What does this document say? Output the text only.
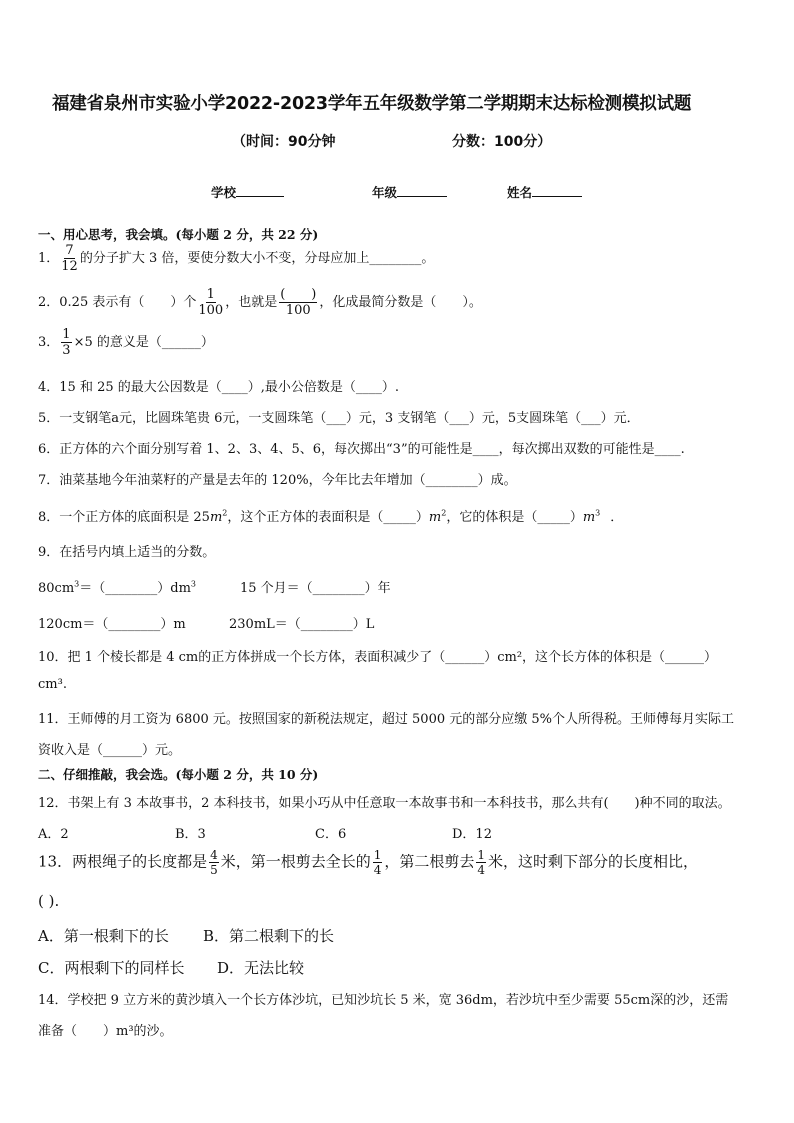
福建省泉州市实验小学2022-2023学年五年级数学第二学期期末达标检测模拟试题
（时间：90分钟	分数：100分）
学校	年级	姓名
一、用心思考，我会填。(每小题 2 分，共 22 分)
1． $\frac{7}{12}$ 的分子扩大 3 倍，要使分数大小不变，分母应加上________。
2．0.25 表示有（　　）个 $\frac{1}{100}$ ，也就是 $\frac{( )}{100}$ ，化成最简分数是（　　）。
3． $\frac{1}{3} \times 5$ 的意义是（______）
4．15 和 25 的最大公因数是（____）,最小公倍数是（____）.
5．一支钢笔a元，比圆珠笔贵 6元，一支圆珠笔（___）元，3 支钢笔（___）元，5支圆珠笔（___）元．
6．正方体的六个面分别写着 1、2、3、4、5、6，每次掷出“3”的可能性是____，每次掷出双数的可能性是____.
7．油菜基地今年油菜籽的产量是去年的 120%，今年比去年增加（________）成。
8．一个正方体的底面积是 $25m^2$，这个正方体的表面积是$(\_\_\_\_\_)m^2$，它的体积是$(\_\_\_\_\_)m^3$ ．
9．在括号内填上适当的分数。
$80cm^3=(\_\_\_\_\_\_\_\_)dm^3$	15 个月＝（________）年
120cm＝（________）m	230mL＝（________）L
10．把 1 个棱长都是 4 cm的正方体拼成一个长方体，表面积减少了（______）cm²，这个长方体的体积是（______）
cm³.
11．王师傅的月工资为 6800 元。按照国家的新税法规定，超过 5000 元的部分应缴 5%个人所得税。王师傅每月实际工
资收入是（______）元。
二、仔细推敲，我会选。(每小题 2 分，共 10 分)
12．书架上有 3 本故事书，2 本科技书，如果小巧从中任意取一本故事书和一本科技书，那么共有(　　)种不同的取法。
A．2	B．3	C．6	D．12
13．两根绳子的长度都是 $\frac{4}{5}$ 米，第一根剪去全长的 $\frac{1}{4}$ ，第二根剪去 $\frac{1}{4}$ 米，这时剩下部分的长度相比，
( ).
A．第一根剩下的长 B．第二根剩下的长
C．两根剩下的同样长 D．无法比较
14．学校把 9 立方米的黄沙填入一个长方体沙坑，已知沙坑长 5 米，宽 36dm，若沙坑中至少需要 55cm深的沙，还需
准备（　　）m³的沙。
